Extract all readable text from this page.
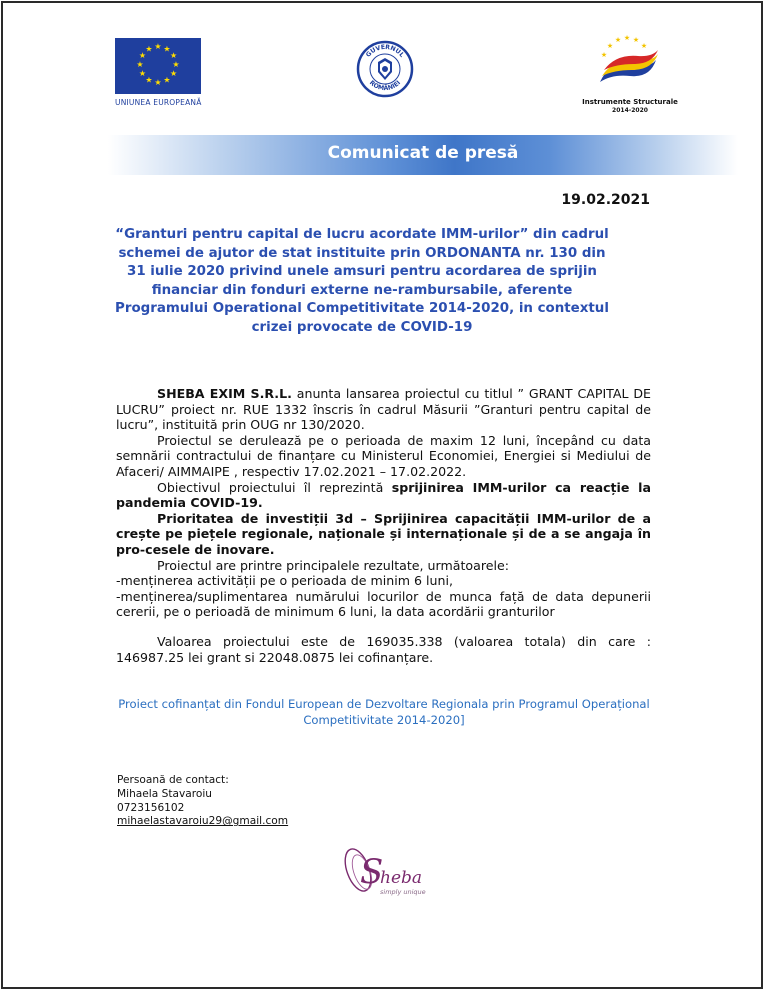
★ ★
★
★
★
★
★
★
★
★
★
★
UNIUNEA EUROPEANĂ
GUVERNUL
ROMÂNIEI
★
★ ★ ★
★
★
Instrumente Structurale
2014-2020
Comunicat de presă
19.02.2021
“Granturi pentru capital de lucru acordate IMM-urilor” din cadrul schemei de ajutor de stat instituite prin ORDONANTA nr. 130 din 31 iulie 2020 privind unele amsuri pentru acordarea de sprijin financiar din fonduri externe ne-rambursabile, aferente Programului Operational Competitivitate 2014-2020, in contextul crizei provocate de COVID-19

SHEBA EXIM S.R.L. anunta lansarea proiectul cu titlul ” GRANT CAPITAL DE LUCRU” proiect nr. RUE 1332 înscris în cadrul Măsurii ”Granturi pentru capital de lucru”, instituită prin OUG nr 130/2020.

Proiectul se derulează pe o perioada de maxim 12 luni, începând cu data semnării contractului de finanțare cu Ministerul Economiei, Energiei si Mediului de Afaceri/ AIMMAIPE , respectiv 17.02.2021 – 17.02.2022.

Obiectivul proiectului îl reprezintă sprijinirea IMM-urilor ca reacție la pandemia COVID-19.

Prioritatea de investiții 3d – Sprijinirea capacității IMM-urilor de a crește pe piețele regionale, naționale și internaționale și de a se angaja în pro-cesele de inovare.

Proiectul are printre principalele rezultate, următoarele:

-menținerea activității pe o perioada de minim 6 luni,

-menținerea/suplimentarea numărului locurilor de munca față de data depunerii cererii, pe o perioadă de minimum 6 luni, la data acordării granturilor

Valoarea proiectului este de 169035.338 (valoarea totala) din care : 146987.25 lei grant si 22048.0875 lei cofinanțare.

Proiect cofinanțat din Fondul European de Dezvoltare Regionala prin Programul Operațional Competitivitate 2014-2020]
Persoană de contact:
Mihaela Stavaroiu
0723156102
mihaelastavaroiu29@gmail.com
S
heba
simply unique
